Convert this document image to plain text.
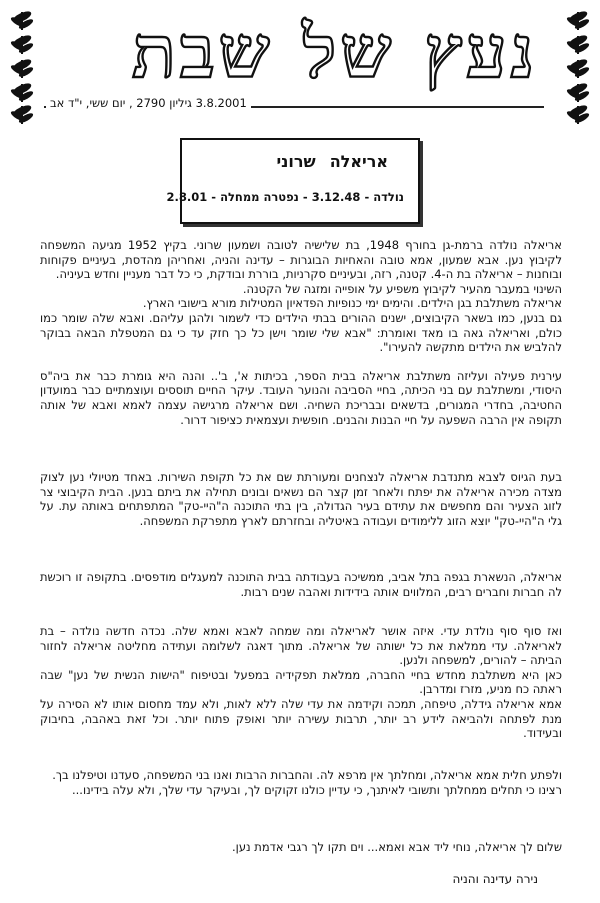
נעץ של שבת
3.8.2001 גיליון 2790 , יום ששי, י"ד אב
אריאלהשרוני
נולדה - 3.12.48 - נפטרה ממחלה - 2.8.01

אריאלה נולדה ברמת-גן בחורף 1948, בת שלישיה לטובה ושמעון שרוני. בקיץ 1952 מגיעה המשפחה לקיבוץ נען. אבא שמעון, אמא טובה והאחיות הבוגרות – עדינה והניה, ואחריהן מהדסת, בעיניים פקוחות ובוחנות – אריאלה בת ה-4. קטנה, רזה, ובעיניים סקרניות, בוררת ובודקת, כי כל דבר מעניין וחדש בעיניה.

השינוי במעבר מהעיר לקיבוץ משפיע על אופייה ומזגה של הקטנה.

אריאלה משתלבת בגן הילדים. והימים ימי כנופיות הפדאיון המטילות מורא בישובי הארץ.

גם בנען, כמו בשאר הקיבוצים, ישנים ההורים בבתי הילדים כדי לשמור ולהגן עליהם. ואבא שלה שומר כמו כולם, ואריאלה גאה בו מאד ואומרת: "אבא שלי שומר וישן כל כך חזק עד כי גם המטפלת הבאה בבוקר להלביש את הילדים מתקשה להעירו".

עירנית פעילה ועליזה משתלבת אריאלה בבית הספר, בכיתות א', ב'.. והנה היא גומרת כבר את ביה"ס היסודי, ומשתלבת עם בני הכיתה, בחיי הסביבה והנוער העובד. עיקר החיים תוססים ועוצמתיים כבר במועדון החטיבה, בחדרי המגורים, בדשאים ובבריכת השחיה. ושם אריאלה מרגישה עצמה לאמא ואבא של אותה תקופה אין הרבה השפעה על חיי הבנות והבנים. חופשית ועצמאית כציפור דרור.

בעת הגיוס לצבא מתנדבת אריאלה לנצחנים ומעורתת שם את כל תקופת השירות. באחד מטיולי נען לצוק מצדה מכירה אריאלה את יפתח ולאחר זמן קצר הם נשאים ובונים תחילה את ביתם בנען. הבית הקיבוצי צר לזוג הצעיר והם מחפשים את עתידם בעיר הגדולה, בין בתי התוכנה ה"היי-טק" המתפתחים באותה עת. על גלי ה"היי-טק" יוצא הזוג ללימודים ועבודה באיטליה ובחזרתם לארץ מתפרקת המשפחה.

אריאלה, הנשארת בגפה בתל אביב, ממשיכה בעבודתה בבית התוכנה למעגלים מודפסים. בתקופה זו רוכשת לה חברות וחברים רבים, המלווים אותה בידידות ואהבה שנים רבות.

ואז סוף סוף נולדת עדי. איזה אושר לאריאלה ומה שמחה לאבא ואמא שלה. נכדה חדשה נולדה – בת לאריאלה. עדי ממלאת את כל ישותה של אריאלה. מתוך דאגה לשלומה ועתידה מחליטה אריאלה לחזור הביתה – להורים, למשפחה ולנען.

כאן היא משתלבת מחדש בחיי החברה, ממלאת תפקידיה במפעל ובטיפוח "הישות הנשית של נען" שבה ראתה כח מניע, מזרז ומדרבן.

אמא אריאלה גידלה, טיפחה, תמכה וקידמה את עדי שלה ללא לאות, ולא עמד מחסום אותו לא הסירה על מנת לפתחה ולהביאה לידע רב יותר, תרבות עשירה יותר ואופק פתוח יותר. וכל זאת באהבה, בחיבוק ובעידוד.

ולפתע חלית אמא אריאלה, ומחלתך אין מרפא לה. והחברות הרבות ואנו בני המשפחה, סעדנו וטיפלנו בך.

רצינו כי תחלים ממחלתך ותשובי לאיתנך, כי עדיין כולנו זקוקים לך, ובעיקר עדי שלך, ולא עלה בידינו...

שלום לך אריאלה, נוחי ליד אבא ואמא... וים תקו לך רגבי אדמת נען.

נירה עדינה והניה
